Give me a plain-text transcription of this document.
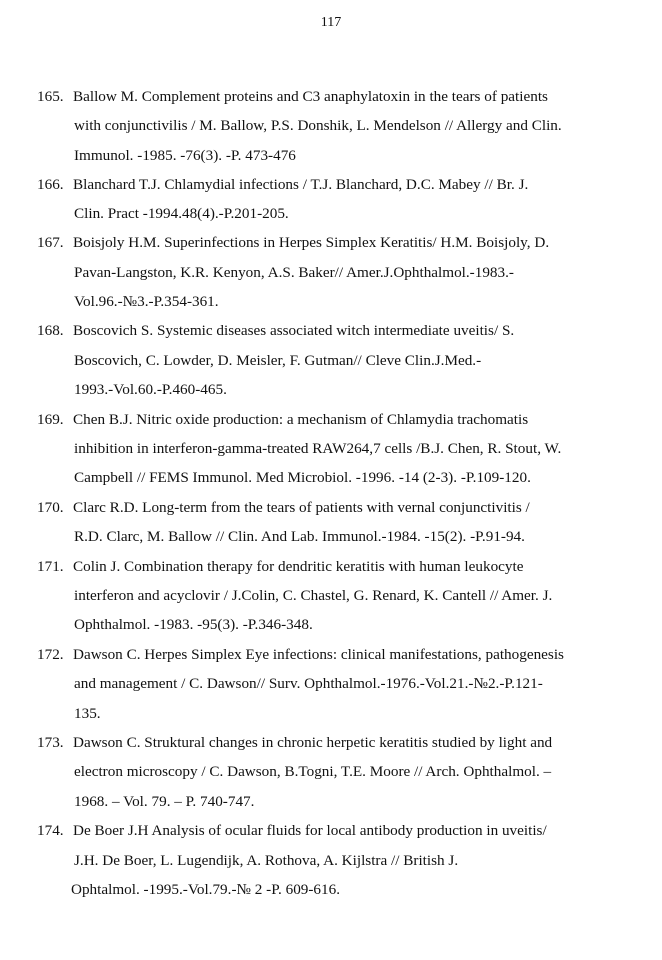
117
165. Ballow M. Complement proteins and C3 anaphylatoxin in the tears of patients
with conjunctivilis / M. Ballow, P.S. Donshik, L. Mendelson // Allergy and Clin.
Immunol. -1985. -76(3). -P. 473-476
166. Blanchard T.J. Chlamydial infections / T.J. Blanchard, D.C. Mabey // Br. J.
Clin. Pract -1994.48(4).-P.201-205.
167. Boisjoly H.M. Superinfections in Herpes Simplex Keratitis/ H.M. Boisjoly, D.
Pavan-Langston, K.R. Kenyon, A.S. Baker// Amer.J.Ophthalmol.-1983.-
Vol.96.-№3.-P.354-361.
168. Boscovich S. Systemic diseases associated witch intermediate uveitis/ S.
Boscovich, C. Lowder, D. Meisler, F. Gutman// Cleve Clin.J.Med.-
1993.-Vol.60.-P.460-465.
169. Chen B.J. Nitric oxide production: a mechanism of Chlamydia trachomatis
inhibition in interferon-gamma-treated RAW264,7 cells /B.J. Chen, R. Stout, W.
Campbell // FEMS Immunol. Med Microbiol. -1996. -14 (2-3). -P.109-120.
170. Clarc R.D. Long-term from the tears of patients with vernal conjunctivitis /
R.D. Clarc, M. Ballow // Clin. And Lab. Immunol.-1984. -15(2). -P.91-94.
171. Colin J. Combination therapy for dendritic keratitis with human leukocyte
interferon and acyclovir / J.Colin, C. Chastel, G. Renard, K. Cantell // Amer. J.
Ophthalmol. -1983. -95(3). -P.346-348.
172. Dawson C. Herpes Simplex Eye infections: clinical manifestations, pathogenesis
and management / C. Dawson// Surv. Ophthalmol.-1976.-Vol.21.-№2.-P.121-
135.
173. Dawson C. Struktural changes in chronic herpetic keratitis studied by light and
electron microscopy / C. Dawson, B.Togni, T.E. Moore // Arch. Ophthalmol. –
1968. – Vol. 79. – P. 740-747.
174. De Boer J.H Analysis of ocular fluids for local antibody production in uveitis/
J.H. De Boer, L. Lugendijk, A. Rothova, A. Kijlstra // British J.
Ophtalmol. -1995.-Vol.79.-№ 2 -P. 609-616.
